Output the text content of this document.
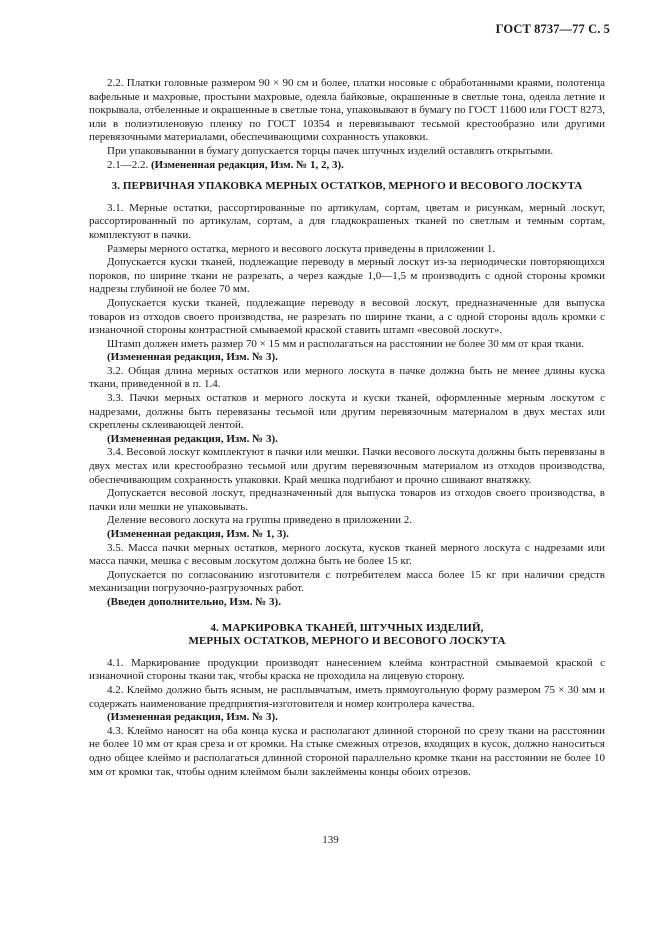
ГОСТ 8737—77 С. 5

2.2. Платки головные размером 90 × 90 см и более, платки носовые с обработанными краями, полотенца вафельные и махровые, простыни махровые, одеяла байковые, окрашенные в светлые тона, одеяла летние и покрывала, отбеленные и окрашенные в светлые тона, упаковывают в бумагу по ГОСТ 11600 или ГОСТ 8273, или в полиэтиленовую пленку по ГОСТ 10354 и перевязывают тесьмой крестообразно или другими перевязочными материалами, обеспечивающими сохранность упаковки.

При упаковывании в бумагу допускается торцы пачек штучных изделий оставлять открытыми.

2.1—2.2. (Измененная редакция, Изм. № 1, 2, 3).

3. ПЕРВИЧНАЯ УПАКОВКА МЕРНЫХ ОСТАТКОВ, МЕРНОГО И ВЕСОВОГО ЛОСКУТА

3.1. Мерные остатки, рассортированные по артикулам, сортам, цветам и рисункам, мерный лоскут, рассортированный по артикулам, сортам, а для гладкокрашеных тканей по светлым и темным сортам, комплектуют в пачки.

Размеры мерного остатка, мерного и весового лоскута приведены в приложении 1.

Допускается куски тканей, подлежащие переводу в мерный лоскут из-за периодически повторяющихся пороков, по ширине ткани не разрезать, а через каждые 1,0—1,5 м производить с одной стороны кромки надрезы глубиной не более 70 мм.

Допускается куски тканей, подлежащие переводу в весовой лоскут, предназначенные для выпуска товаров из отходов своего производства, не разрезать по ширине ткани, а с одной стороны вдоль кромки с изнаночной стороны контрастной смываемой краской ставить штамп «весовой лоскут».

Штамп должен иметь размер 70 × 15 мм и располагаться на расстоянии не более 30 мм от края ткани.

(Измененная редакция, Изм. № 3).

3.2. Общая длина мерных остатков или мерного лоскута в пачке должна быть не менее длины куска ткани, приведенной в п. 1.4.

3.3. Пачки мерных остатков и мерного лоскута и куски тканей, оформленные мерным лоскутом с надрезами, должны быть перевязаны тесьмой или другим перевязочным материалом в двух местах или скреплены склеивающей лентой.

(Измененная редакция, Изм. № 3).

3.4. Весовой лоскут комплектуют в пачки или мешки. Пачки весового лоскута должны быть перевязаны в двух местах или крестообразно тесьмой или другим перевязочным материалом из отходов производства, обеспечивающим сохранность упаковки. Край мешка подгибают и прочно сшивают внатяжку.

Допускается весовой лоскут, предназначенный для выпуска товаров из отходов своего производства, в пачки или мешки не упаковывать.

Деление весового лоскута на группы приведено в приложении 2.

(Измененная редакция, Изм. № 1, 3).

3.5. Масса пачки мерных остатков, мерного лоскута, кусков тканей мерного лоскута с надрезами или масса пачки, мешка с весовым лоскутом должна быть не более 15 кг.

Допускается по согласованию изготовителя с потребителем масса более 15 кг при наличии средств механизации погрузочно-разгрузочных работ.

(Введен дополнительно, Изм. № 3).

4. МАРКИРОВКА ТКАНЕЙ, ШТУЧНЫХ ИЗДЕЛИЙ,
МЕРНЫХ ОСТАТКОВ, МЕРНОГО И ВЕСОВОГО ЛОСКУТА

4.1. Маркирование продукции производят нанесением клейма контрастной смываемой краской с изнаночной стороны ткани так, чтобы краска не проходила на лицевую сторону.

4.2. Клеймо должно быть ясным, не расплывчатым, иметь прямоугольную форму размером 75 × 30 мм и содержать наименование предприятия-изготовителя и номер контролера качества.

(Измененная редакция, Изм. № 3).

4.3. Клеймо наносят на оба конца куска и располагают длинной стороной по срезу ткани на расстоянии не более 10 мм от края среза и от кромки. На стыке смежных отрезов, входящих в кусок, должно наноситься одно общее клеймо и располагаться длинной стороной параллельно кромке ткани на расстоянии не более 10 мм от кромки так, чтобы одним клеймом были заклеймены концы обоих отрезов.

139
